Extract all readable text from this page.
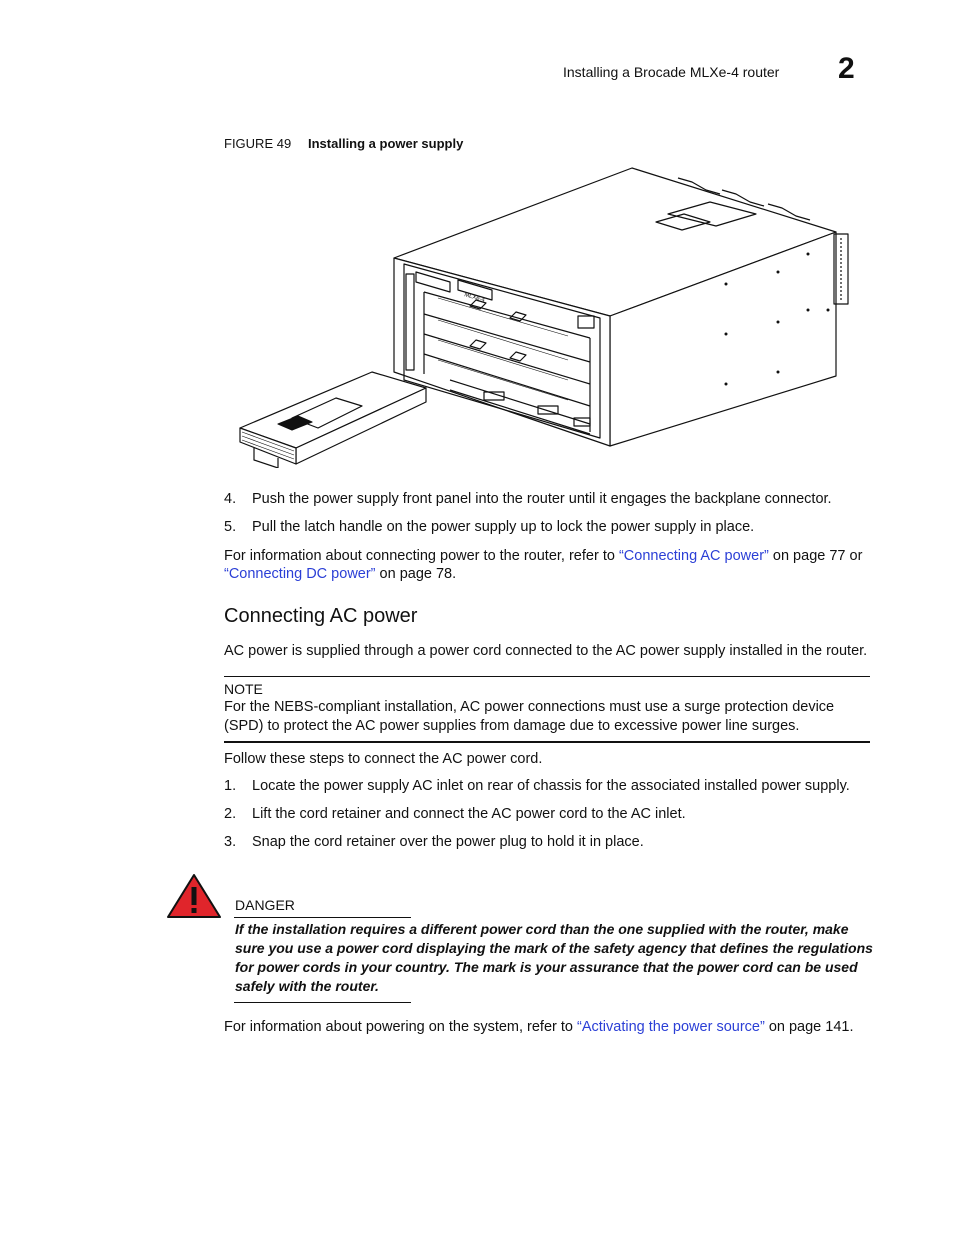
Installing a Brocade MLXe-4 router 2
FIGURE 49 Installing a power supply
MLXe-4
4. Push the power supply front panel into the router until it engages the backplane connector.
5. Pull the latch handle on the power supply up to lock the power supply in place.
For information about connecting power to the router, refer to “Connecting AC power” on page 77 or
“Connecting DC power” on page 78.
Connecting AC power
AC power is supplied through a power cord connected to the AC power supply installed in the router.
NOTE
For the NEBS-compliant installation, AC power connections must use a surge protection device
(SPD) to protect the AC power supplies from damage due to excessive power line surges.
Follow these steps to connect the AC power cord.
1. Locate the power supply AC inlet on rear of chassis for the associated installed power supply.
2. Lift the cord retainer and connect the AC power cord to the AC inlet.
3. Snap the cord retainer over the power plug to hold it in place.
DANGER
If the installation requires a different power cord than the one supplied with the router, make
sure you use a power cord displaying the mark of the safety agency that defines the regulations
for power cords in your country. The mark is your assurance that the power cord can be used
safely with the router.
For information about powering on the system, refer to “Activating the power source” on page 141.
